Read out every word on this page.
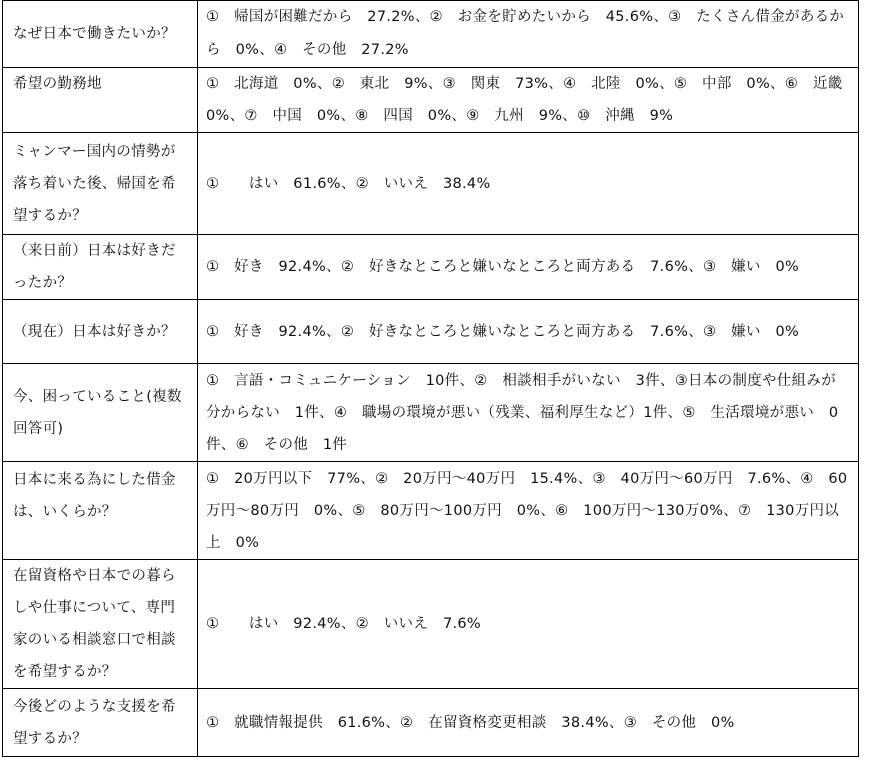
なぜ日本で働きたいか？	①　帰国が困難だから　27.2%、②　お金を貯めたいから　45.6%、③　たくさん借金があるから　0%、④　その他　27.2%
希望の勤務地	①　北海道　0%、②　東北　9%、③　関東　73%、④　北陸　0%、⑤　中部　0%、⑥　近畿　0%、⑦　中国　0%、⑧　四国　0%、⑨　九州　9%、⑩　沖縄　9%
ミャンマー国内の情勢が落ち着いた後、帰国を希望するか？	①　　はい　61.6%、②　いいえ　38.4%
（来日前）日本は好きだったか？	①　好き　92.4%、②　好きなところと嫌いなところと両方ある　7.6%、③　嫌い　0%
（現在）日本は好きか？	①　好き　92.4%、②　好きなところと嫌いなところと両方ある　7.6%、③　嫌い　0%
今、困っていること(複数回答可)	①　言語・コミュニケーション　10件、②　相談相手がいない　3件、③日本の制度や仕組みが分からない　1件、④　職場の環境が悪い（残業、福利厚生など）1件、⑤　生活環境が悪い　0件、⑥　その他　1件
日本に来る為にした借金は、いくらか？	①　20万円以下　77%、②　20万円～40万円　15.4%、③　40万円～60万円　7.6%、④　60万円～80万円　0%、⑤　80万円～100万円　0%、⑥　100万円～130万0%、⑦　130万円以上　0%
在留資格や日本での暮らしや仕事について、専門家のいる相談窓口で相談を希望するか？	①　　はい　92.4%、②　いいえ　7.6%
今後どのような支援を希望するか？	①　就職情報提供　61.6%、②　在留資格変更相談　38.4%、③　その他　0%
